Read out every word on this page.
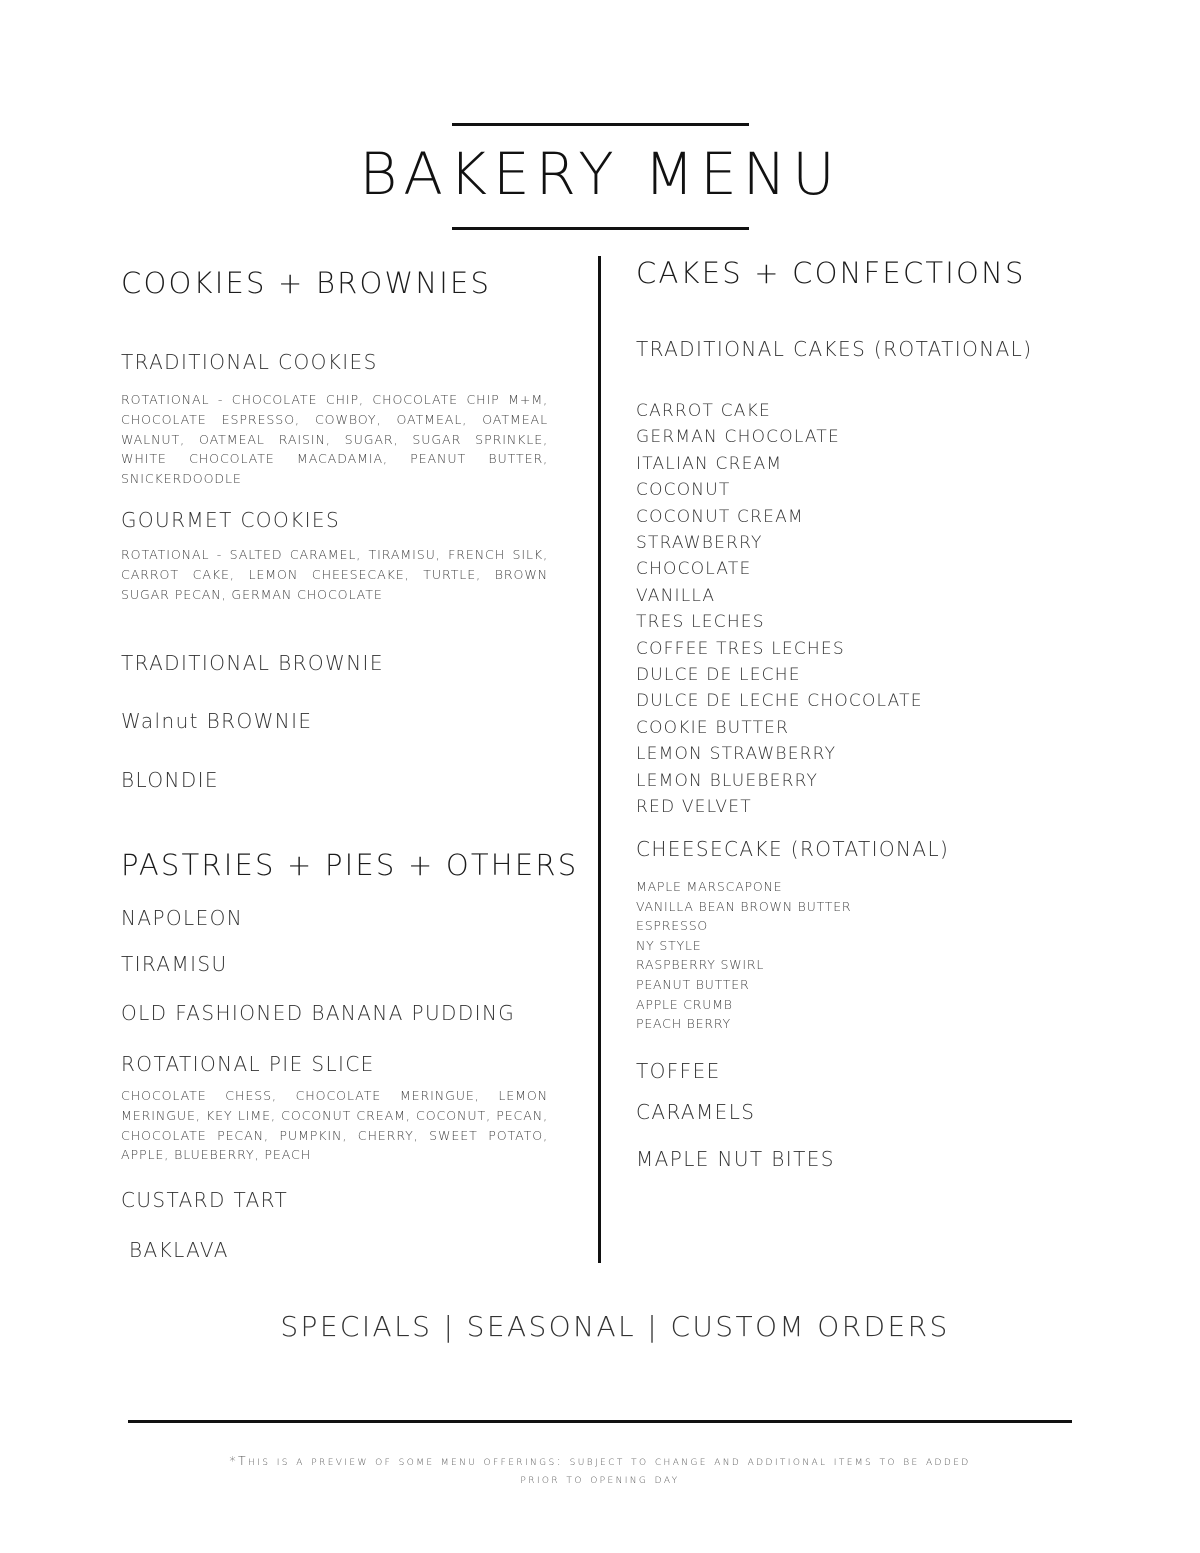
BAKERY MENU
COOKIES + BROWNIES
TRADITIONAL COOKIES
ROTATIONAL - CHOCOLATE CHIP, CHOCOLATE CHIP M+M, CHOCOLATE ESPRESSO, COWBOY, OATMEAL, OATMEAL WALNUT, OATMEAL RAISIN, SUGAR, SUGAR SPRINKLE, WHITE CHOCOLATE MACADAMIA, PEANUT BUTTER, SNICKERDOODLE
GOURMET COOKIES
ROTATIONAL - SALTED CARAMEL, TIRAMISU, FRENCH SILK, CARROT CAKE, LEMON CHEESECAKE, TURTLE, BROWN SUGAR PECAN, GERMAN CHOCOLATE
TRADITIONAL BROWNIE
Walnut BROWNIE
BLONDIE
PASTRIES + PIES + OTHERS
NAPOLEON
TIRAMISU
OLD FASHIONED BANANA PUDDING
ROTATIONAL PIE SLICE
CHOCOLATE CHESS, CHOCOLATE MERINGUE, LEMON MERINGUE, KEY LIME, COCONUT CREAM, COCONUT, PECAN, CHOCOLATE PECAN, PUMPKIN, CHERRY, SWEET POTATO, APPLE, BLUEBERRY, PEACH
CUSTARD TART
BAKLAVA
CAKES + CONFECTIONS
TRADITIONAL CAKES (ROTATIONAL)
CARROT CAKE
GERMAN CHOCOLATE
ITALIAN CREAM
COCONUT
COCONUT CREAM
STRAWBERRY
CHOCOLATE
VANILLA
TRES LECHES
COFFEE TRES LECHES
DULCE DE LECHE
DULCE DE LECHE CHOCOLATE
COOKIE BUTTER
LEMON STRAWBERRY
LEMON BLUEBERRY
RED VELVET
CHEESECAKE (ROTATIONAL)
MAPLE MARSCAPONE
VANILLA BEAN BROWN BUTTER
ESPRESSO
NY STYLE
RASPBERRY SWIRL
PEANUT BUTTER
APPLE CRUMB
PEACH BERRY
TOFFEE
CARAMELS
MAPLE NUT BITES
SPECIALS | SEASONAL | CUSTOM ORDERS
*This is a preview of some menu offerings: subject to change and additional items to be added
prior to opening day
